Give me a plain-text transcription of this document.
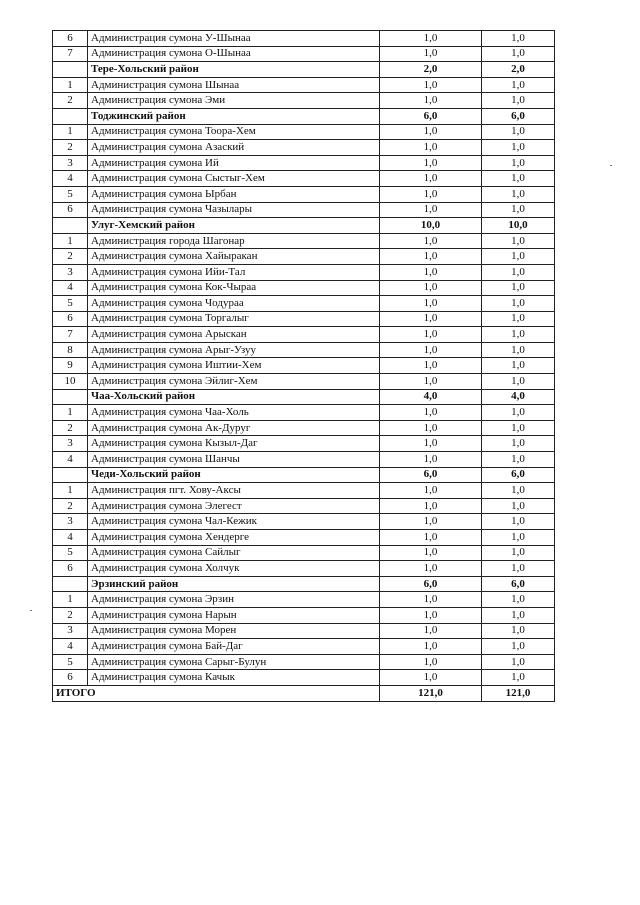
6	Администрация сумона У-Шынаа	1,0	1,0
7	Администрация сумона О-Шынаа	1,0	1,0
	Тере-Хольский район	2,0	2,0
1	Администрация сумона Шынаа	1,0	1,0
2	Администрация сумона Эми	1,0	1,0
	Тоджинский район	6,0	6,0
1	Администрация сумона Тоора-Хем	1,0	1,0
2	Администрация сумона Азаский	1,0	1,0
3	Администрация сумона Ий	1,0	1,0
4	Администрация сумона Сыстыг-Хем	1,0	1,0
5	Администрация сумона Ырбан	1,0	1,0
6	Администрация сумона Чазылары	1,0	1,0
	Улуг-Хемский район	10,0	10,0
1	Администрация города Шагонар	1,0	1,0
2	Администрация сумона Хайыракан	1,0	1,0
3	Администрация сумона Ийи-Тал	1,0	1,0
4	Администрация сумона Кок-Чыраа	1,0	1,0
5	Администрация сумона Чодураа	1,0	1,0
6	Администрация сумона Торгалыг	1,0	1,0
7	Администрация сумона Арыскан	1,0	1,0
8	Администрация сумона Арыг-Узуу	1,0	1,0
9	Администрация сумона Иштии-Хем	1,0	1,0
10	Администрация сумона Эйлиг-Хем	1,0	1,0
	Чаа-Хольский район	4,0	4,0
1	Администрация сумона Чаа-Холь	1,0	1,0
2	Администрация сумона Ак-Дуруг	1,0	1,0
3	Администрация сумона Кызыл-Даг	1,0	1,0
4	Администрация сумона Шанчы	1,0	1,0
	Чеди-Хольский район	6,0	6,0
1	Администрация пгт. Хову-Аксы	1,0	1,0
2	Администрация сумона Элегест	1,0	1,0
3	Администрация сумона Чал-Кежик	1,0	1,0
4	Администрация сумона Хендерге	1,0	1,0
5	Администрация сумона Сайлыг	1,0	1,0
6	Администрация сумона Холчук	1,0	1,0
	Эрзинский район	6,0	6,0
1	Администрация сумона Эрзин	1,0	1,0
2	Администрация сумона Нарын	1,0	1,0
3	Администрация сумона Морен	1,0	1,0
4	Администрация сумона Бай-Даг	1,0	1,0
5	Администрация сумона Сарыг-Булун	1,0	1,0
6	Администрация сумона Качык	1,0	1,0
ИТОГО		121,0	121,0
